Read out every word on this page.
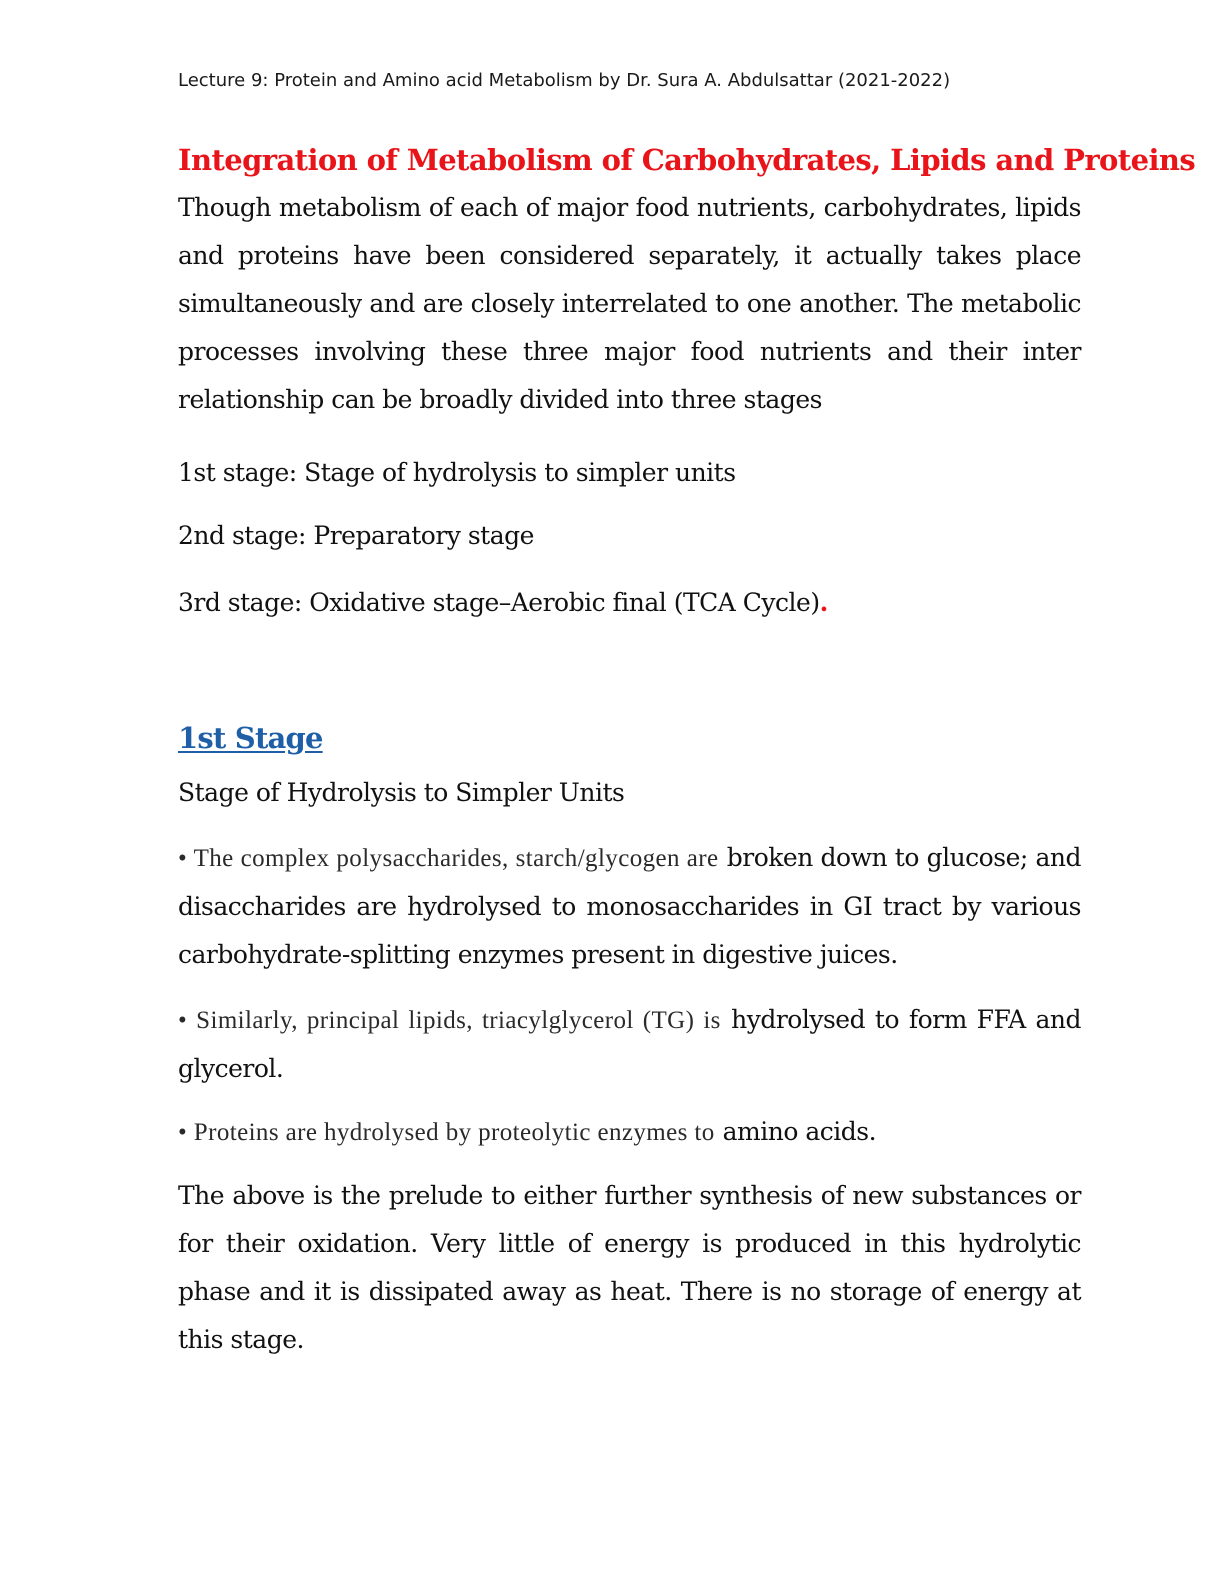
Lecture 9: Protein and Amino acid Metabolism by Dr. Sura A. Abdulsattar (2021-2022)
Integration of Metabolism of Carbohydrates, Lipids and Proteins

Though metabolism of each of major food nutrients, carbohydrates, lipids and proteins have been considered separately, it actually takes place simultaneously and are closely interrelated to one another. The metabolic processes involving these three major food nutrients and their inter relationship can be broadly divided into three stages

1st stage: Stage of hydrolysis to simpler units

2nd stage: Preparatory stage

3rd stage: Oxidative stage–Aerobic final (TCA Cycle).

1st Stage

Stage of Hydrolysis to Simpler Units

• The complex polysaccharides, starch/glycogen are broken down to glucose; and disaccharides are hydrolysed to monosaccharides in GI tract by various carbohydrate-splitting enzymes present in digestive juices.

• Similarly, principal lipids, triacylglycerol (TG) is hydrolysed to form FFA and glycerol.

• Proteins are hydrolysed by proteolytic enzymes to amino acids.

The above is the prelude to either further synthesis of new substances or for their oxidation. Very little of energy is produced in this hydrolytic phase and it is dissipated away as heat. There is no storage of energy at this stage.
